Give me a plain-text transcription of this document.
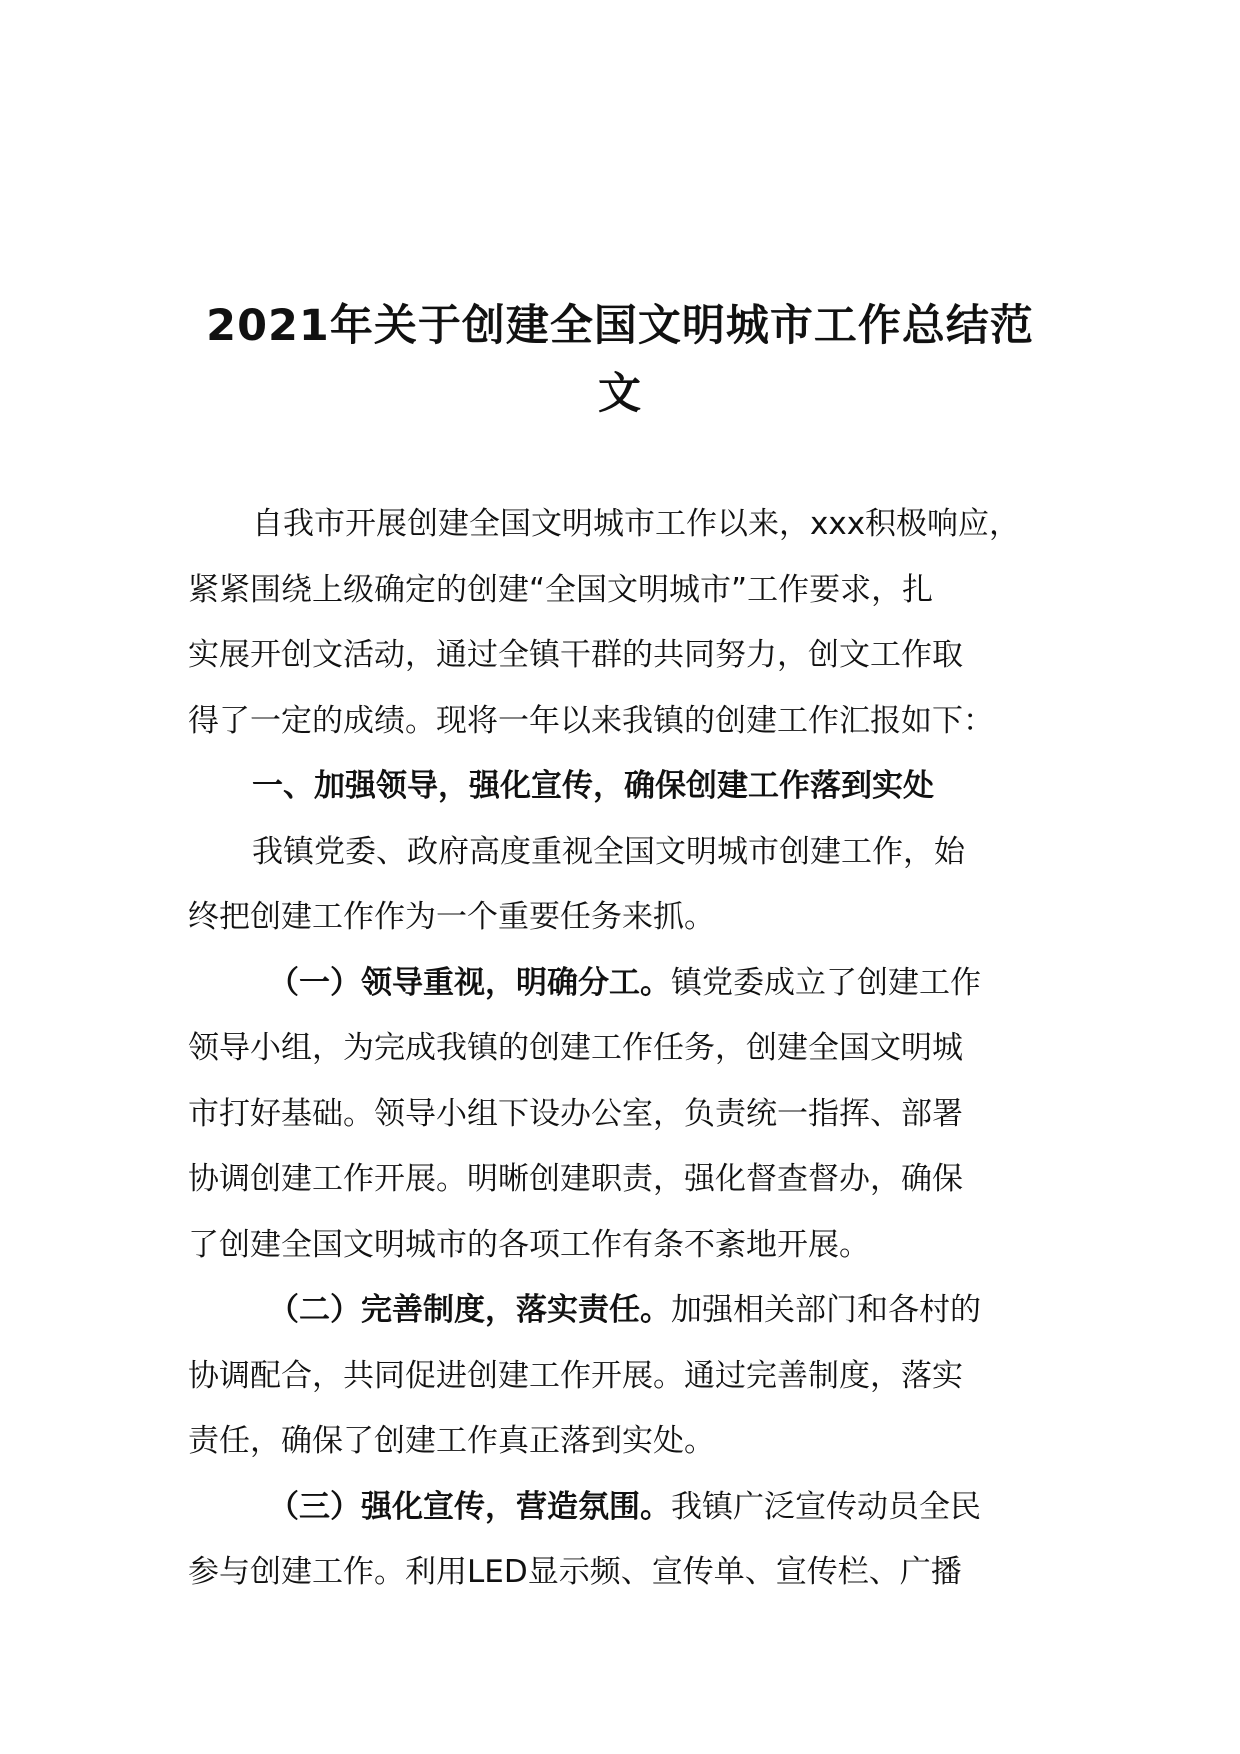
2021年关于创建全国文明城市工作总结范
文
自我市开展创建全国文明城市工作以来，xxx积极响应，
紧紧围绕上级确定的创建“全国文明城市”工作要求，扎
实展开创文活动，通过全镇干群的共同努力，创文工作取
得了一定的成绩。现将一年以来我镇的创建工作汇报如下：
一、加强领导，强化宣传，确保创建工作落到实处
我镇党委、政府高度重视全国文明城市创建工作，始
终把创建工作作为一个重要任务来抓。
（一）领导重视，明确分工。镇党委成立了创建工作
领导小组，为完成我镇的创建工作任务，创建全国文明城
市打好基础。领导小组下设办公室，负责统一指挥、部署
协调创建工作开展。明晰创建职责，强化督查督办，确保
了创建全国文明城市的各项工作有条不紊地开展。
（二）完善制度，落实责任。加强相关部门和各村的
协调配合，共同促进创建工作开展。通过完善制度，落实
责任，确保了创建工作真正落到实处。
（三）强化宣传，营造氛围。我镇广泛宣传动员全民
参与创建工作。利用LED显示频、宣传单、宣传栏、广播
